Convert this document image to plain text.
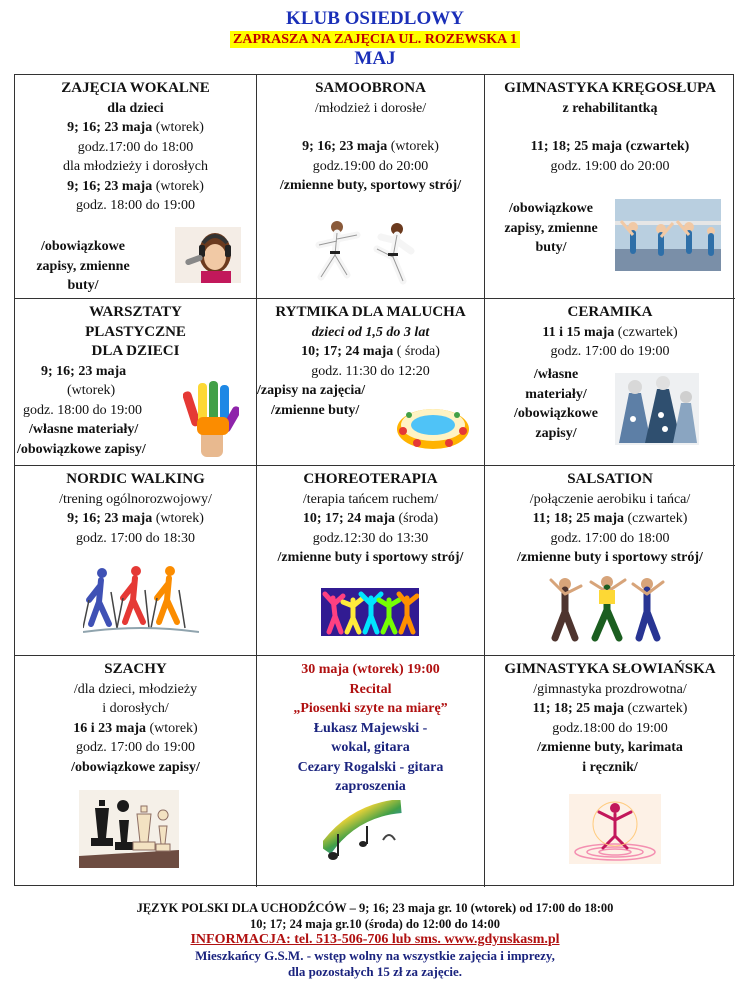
KLUB OSIEDLOWY
ZAPRASZA NA ZAJĘCIA UL. ROZEWSKA 1
MAJ
ZAJĘCIA WOKALNE
dla dzieci
9; 16; 23 maja (wtorek)
godz.17:00 do 18:00
dla młodzieży i dorosłych
9; 16; 23 maja (wtorek)
godz. 18:00 do 19:00
/obowiązkowe
zapisy, zmienne
buty/
SAMOOBRONA
/młodzież i dorosłe/
9; 16; 23 maja (wtorek)
godz.19:00 do 20:00
/zmienne buty, sportowy strój/
GIMNASTYKA KRĘGOSŁUPA
z rehabilitantką
11; 18; 25 maja (czwartek)
godz. 19:00 do 20:00
/obowiązkowe
zapisy, zmienne
buty/
WARSZTATY
PLASTYCZNE
DLA DZIECI
9; 16; 23 maja
(wtorek)
godz. 18:00 do 19:00
/własne materiały/
/obowiązkowe zapisy/
RYTMIKA DLA MALUCHA
dzieci od 1,5 do 3 lat
10; 17; 24 maja ( środa)
godz. 11:30 do 12:20
/zapisy na zajęcia/
/zmienne buty/
CERAMIKA
11 i 15 maja (czwartek)
godz. 17:00 do 19:00
/własne
materiały/
/obowiązkowe
zapisy/
NORDIC WALKING
/trening ogólnorozwojowy/
9; 16; 23 maja (wtorek)
godz. 17:00 do 18:30
CHOREOTERAPIA
/terapia tańcem ruchem/
10; 17; 24 maja (środa)
godz.12:30 do 13:30
/zmienne buty i sportowy strój/
SALSATION
/połączenie aerobiku i tańca/
11; 18; 25 maja (czwartek)
godz. 17:00 do 18:00
/zmienne buty i sportowy strój/
SZACHY
/dla dzieci, młodzieży
i dorosłych/
16 i 23 maja (wtorek)
godz. 17:00 do 19:00
/obowiązkowe zapisy/
30 maja (wtorek) 19:00
Recital
„Piosenki szyte na miarę”
Łukasz Majewski -
wokal, gitara
Cezary Rogalski - gitara
zaproszenia
GIMNASTYKA SŁOWIAŃSKA
/gimnastyka prozdrowotna/
11; 18; 25 maja (czwartek)
godz.18:00 do 19:00
/zmienne buty, karimata
i ręcznik/
JĘZYK POLSKI DLA UCHODŹCÓW – 9; 16; 23 maja gr. 10 (wtorek) od 17:00 do 18:00
10; 17; 24 maja gr.10 (środa) do 12:00 do 14:00
INFORMACJA: tel. 513-506-706 lub sms. www.gdynskasm.pl
Mieszkańcy G.S.M. - wstęp wolny na wszystkie zajęcia i imprezy,
dla pozostałych 15 zł za zajęcie.
